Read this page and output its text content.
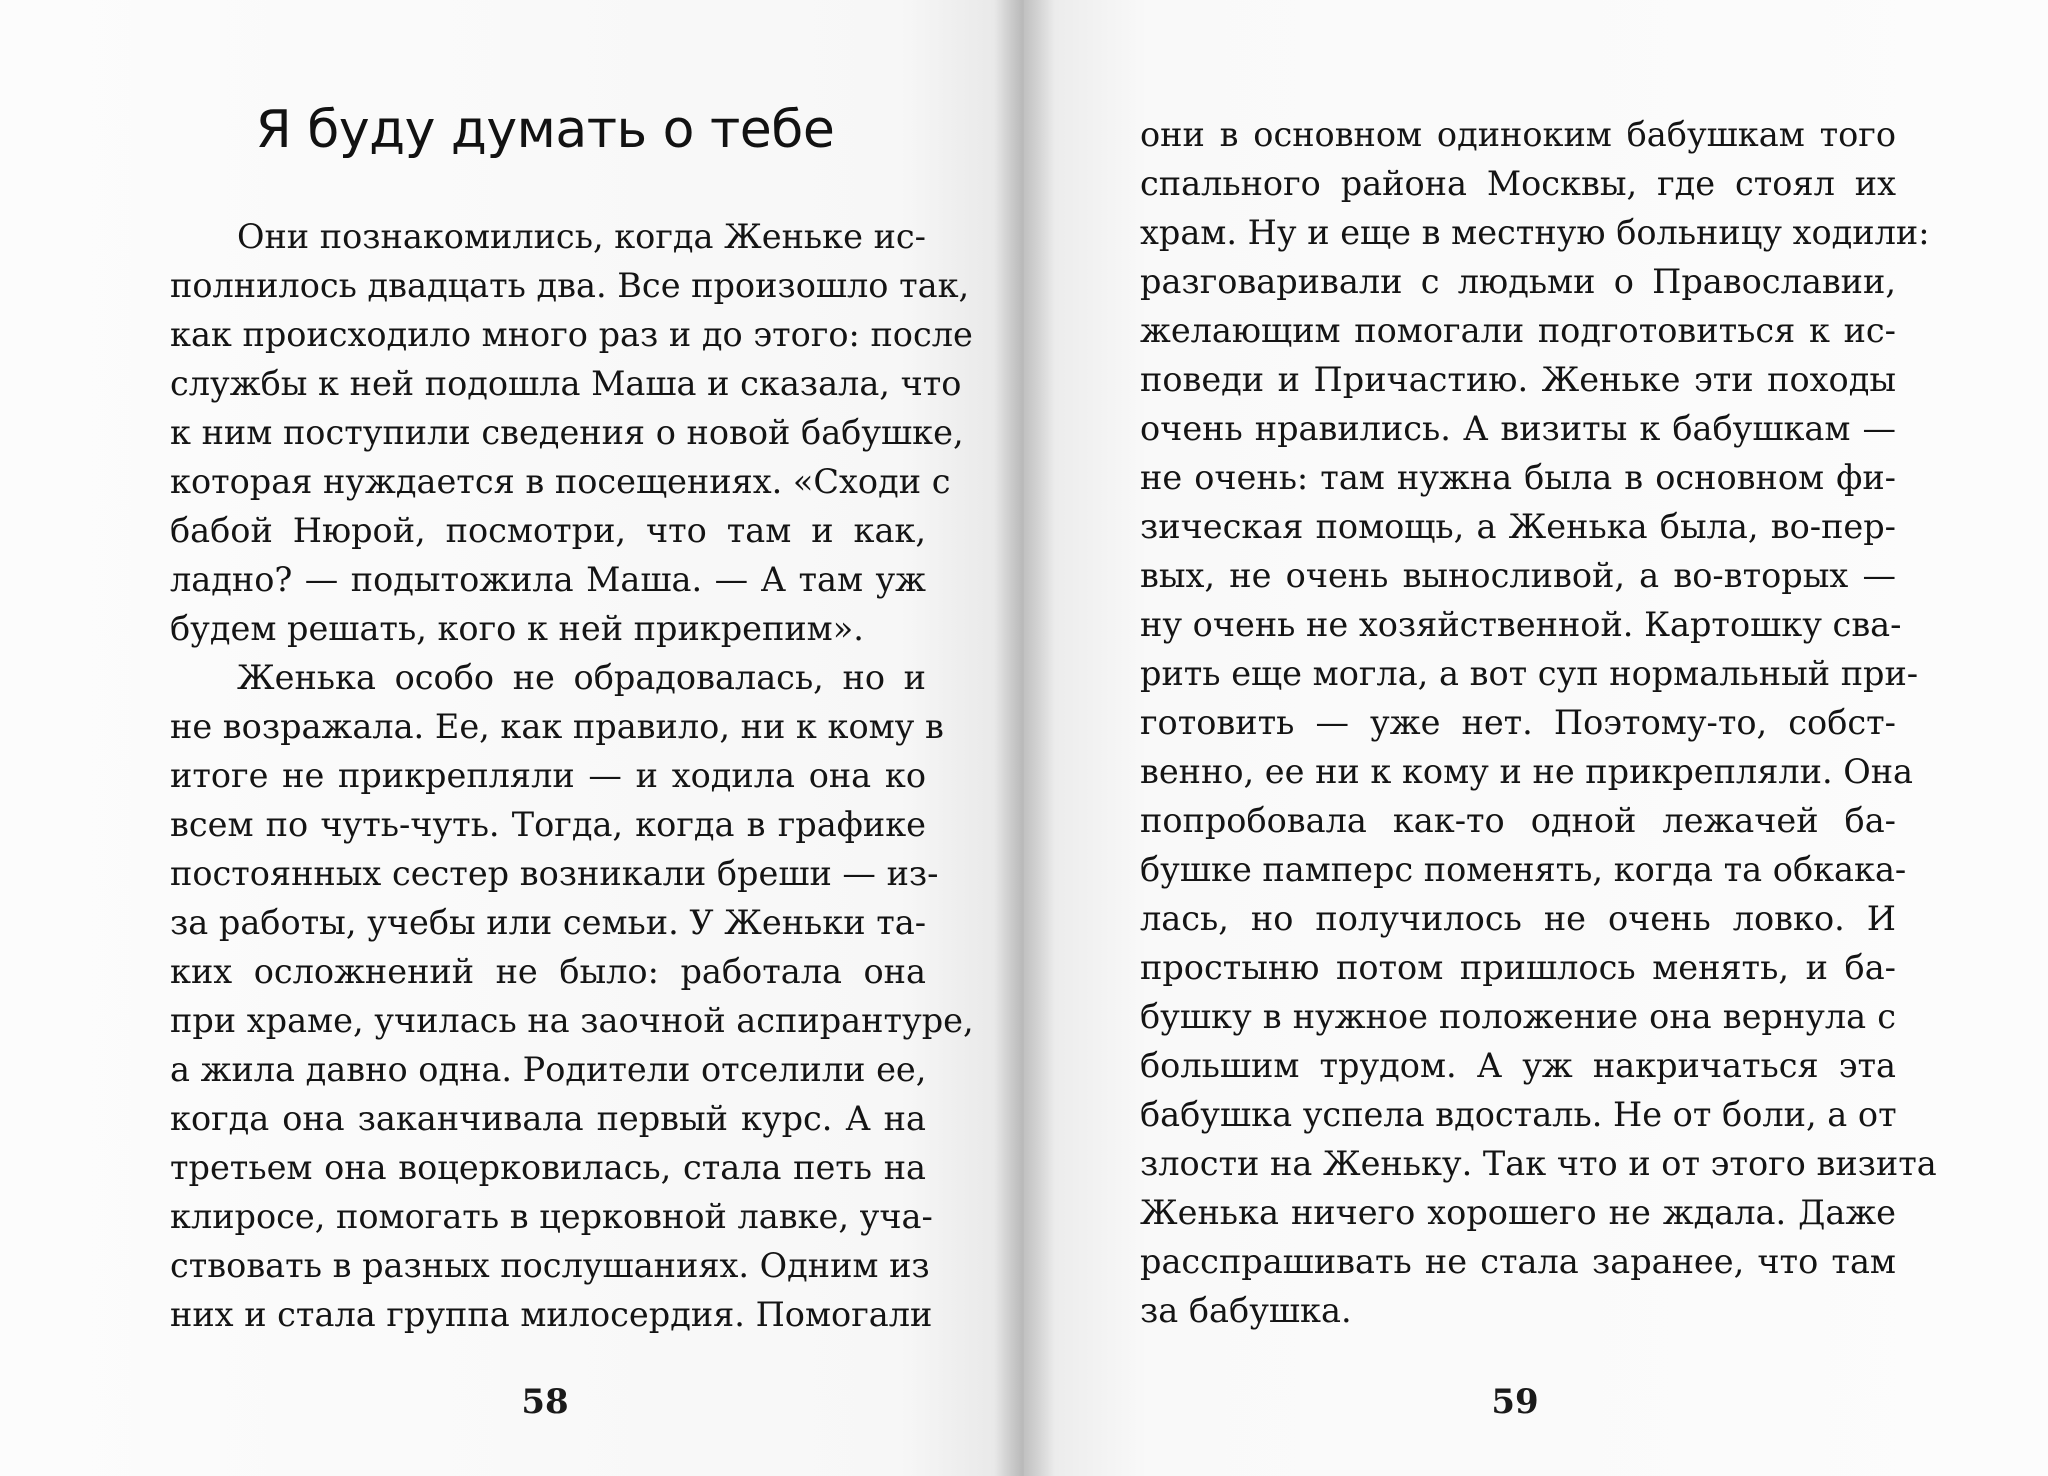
Я буду думать о тебе
Они познакомились, когда Женьке ис-
полнилось двадцать два. Все произошло так,
как происходило много раз и до этого: после
службы к ней подошла Маша и сказала, что
к ним поступили сведения о новой бабушке,
которая нуждается в посещениях. «Сходи с
бабой Нюрой, посмотри, что там и как,
ладно? — подытожила Маша. — А там уж
будем решать, кого к ней прикрепим».
Женька особо не обрадовалась, но и
не возражала. Ее, как правило, ни к кому в
итоге не прикрепляли — и ходила она ко
всем по чуть-чуть. Тогда, когда в графике
постоянных сестер возникали бреши — из-
за работы, учебы или семьи. У Женьки та-
ких осложнений не было: работала она
при храме, училась на заочной аспирантуре,
а жила давно одна. Родители отселили ее,
когда она заканчивала первый курс. А на
третьем она воцерковилась, стала петь на
клиросе, помогать в церковной лавке, уча-
ствовать в разных послушаниях. Одним из
них и стала группа милосердия. Помогали
58
они в основном одиноким бабушкам того
спального района Москвы, где стоял их
храм. Ну и еще в местную больницу ходили:
разговаривали с людьми о Православии,
желающим помогали подготовиться к ис-
поведи и Причастию. Женьке эти походы
очень нравились. А визиты к бабушкам —
не очень: там нужна была в основном фи-
зическая помощь, а Женька была, во-пер-
вых, не очень выносливой, а во-вторых —
ну очень не хозяйственной. Картошку сва-
рить еще могла, а вот суп нормальный при-
готовить — уже нет. Поэтому-то, собст-
венно, ее ни к кому и не прикрепляли. Она
попробовала как-то одной лежачей ба-
бушке памперс поменять, когда та обкака-
лась, но получилось не очень ловко. И
простыню потом пришлось менять, и ба-
бушку в нужное положение она вернула с
большим трудом. А уж накричаться эта
бабушка успела вдосталь. Не от боли, а от
злости на Женьку. Так что и от этого визита
Женька ничего хорошего не ждала. Даже
расспрашивать не стала заранее, что там
за бабушка.
59
